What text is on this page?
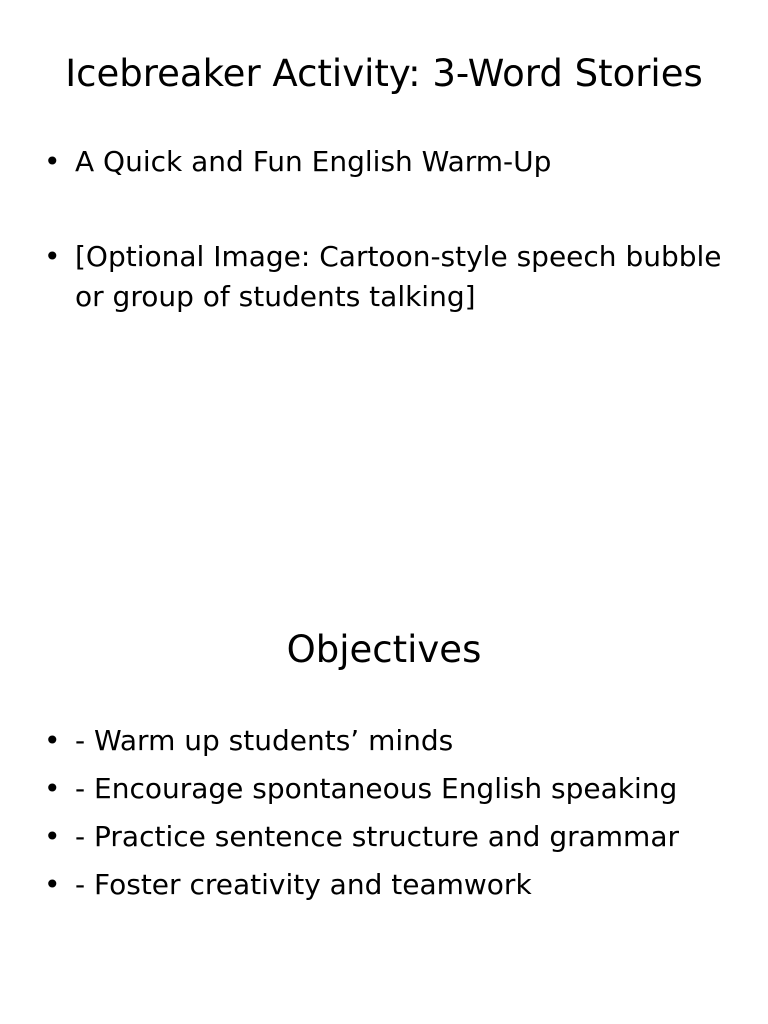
Icebreaker Activity: 3-Word Stories
• A Quick and Fun English Warm-Up
• [Optional Image: Cartoon-style speech bubble or group of students talking]
Objectives
• - Warm up students’ minds
• - Encourage spontaneous English speaking
• - Practice sentence structure and grammar
• - Foster creativity and teamwork
